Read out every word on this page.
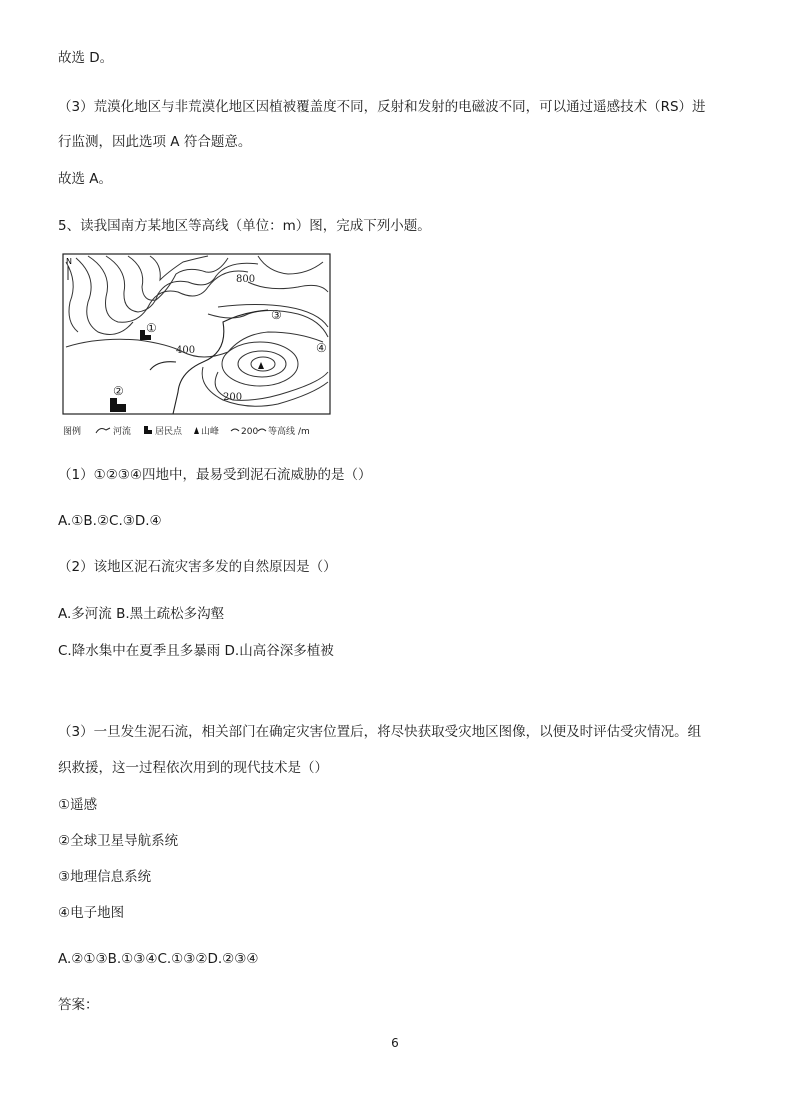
故选 D。
（3）荒漠化地区与非荒漠化地区因植被覆盖度不同，反射和发射的电磁波不同，可以通过遥感技术（RS）进
行监测，因此选项 A 符合题意。
故选 A。
5、读我国南方某地区等高线（单位：m）图，完成下列小题。
N
800
400
200
①
②
③
④
图例	河流	居民点 山峰 200 等高线 /m
（1）①②③④四地中，最易受到泥石流威胁的是（）
A.①B.②C.③D.④
（2）该地区泥石流灾害多发的自然原因是（）
A.多河流 B.黑土疏松多沟壑
C.降水集中在夏季且多暴雨 D.山高谷深多植被
（3）一旦发生泥石流，相关部门在确定灾害位置后，将尽快获取受灾地区图像，以便及时评估受灾情况。组
织救援，这一过程依次用到的现代技术是（）
①遥感
②全球卫星导航系统
③地理信息系统
④电子地图
A.②①③B.①③④C.①③②D.②③④
答案：
6
